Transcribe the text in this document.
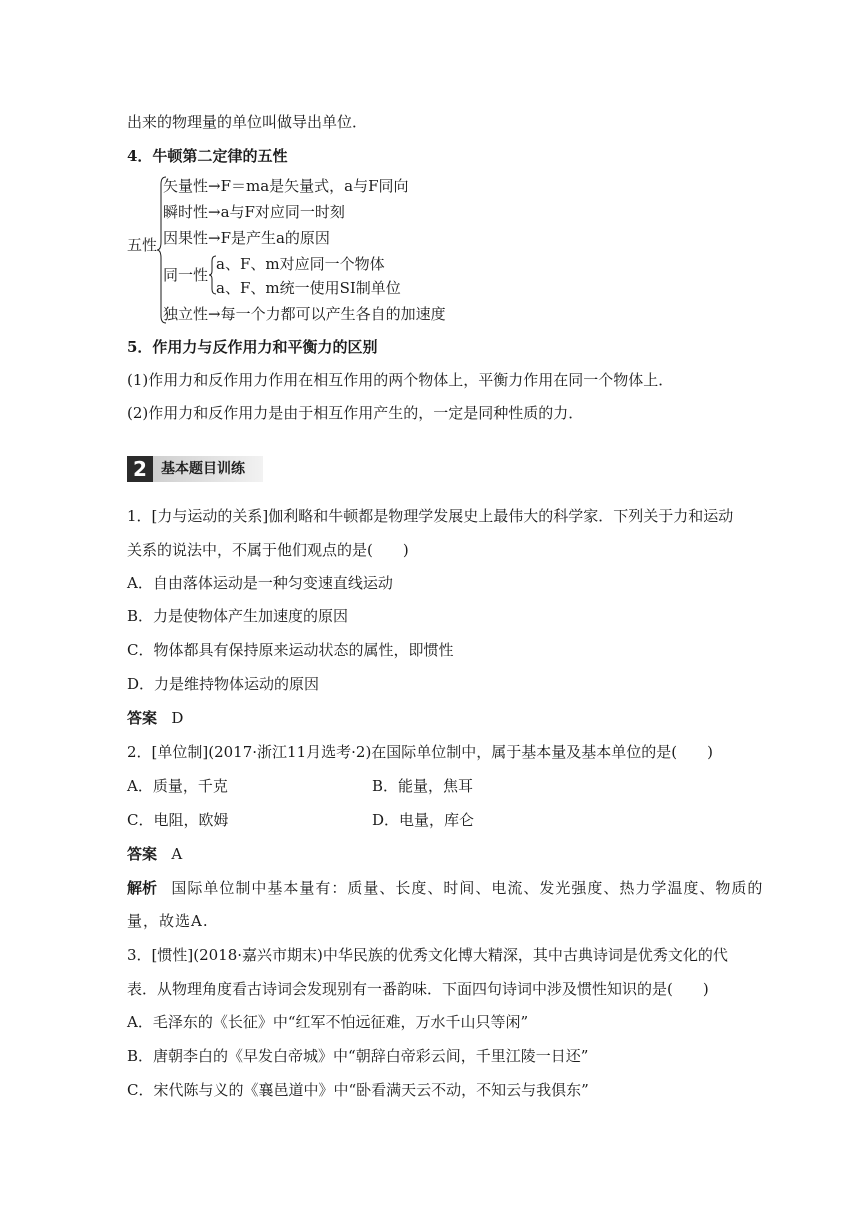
出来的物理量的单位叫做导出单位．
4．牛顿第二定律的五性
五性
矢量性→F＝ma是矢量式，a与F同向
瞬时性→a与F对应同一时刻
因果性→F是产生a的原因
同一性
a、F、m对应同一个物体
a、F、m统一使用SI制单位
独立性→每一个力都可以产生各自的加速度
5．作用力与反作用力和平衡力的区别
(1)作用力和反作用力作用在相互作用的两个物体上，平衡力作用在同一个物体上．
(2)作用力和反作用力是由于相互作用产生的，一定是同种性质的力．
2	基本题目训练
1．[力与运动的关系]伽利略和牛顿都是物理学发展史上最伟大的科学家．下列关于力和运动
关系的说法中，不属于他们观点的是(　　)
A．自由落体运动是一种匀变速直线运动
B．力是使物体产生加速度的原因
C．物体都具有保持原来运动状态的属性，即惯性
D．力是维持物体运动的原因
答案 D
2．[单位制](2017·浙江11月选考·2)在国际单位制中，属于基本量及基本单位的是(　　)
A．质量，千克	B．能量，焦耳
C．电阻，欧姆	D．电量，库仑
答案 A
解析 国际单位制中基本量有：质量、长度、时间、电流、发光强度、热力学温度、物质的
量，故选A.
3．[惯性](2018·嘉兴市期末)中华民族的优秀文化博大精深，其中古典诗词是优秀文化的代
表．从物理角度看古诗词会发现别有一番韵味．下面四句诗词中涉及惯性知识的是(　　)
A．毛泽东的《长征》中“红军不怕远征难，万水千山只等闲”
B．唐朝李白的《早发白帝城》中“朝辞白帝彩云间，千里江陵一日还”
C．宋代陈与义的《襄邑道中》中“卧看满天云不动，不知云与我俱东”
